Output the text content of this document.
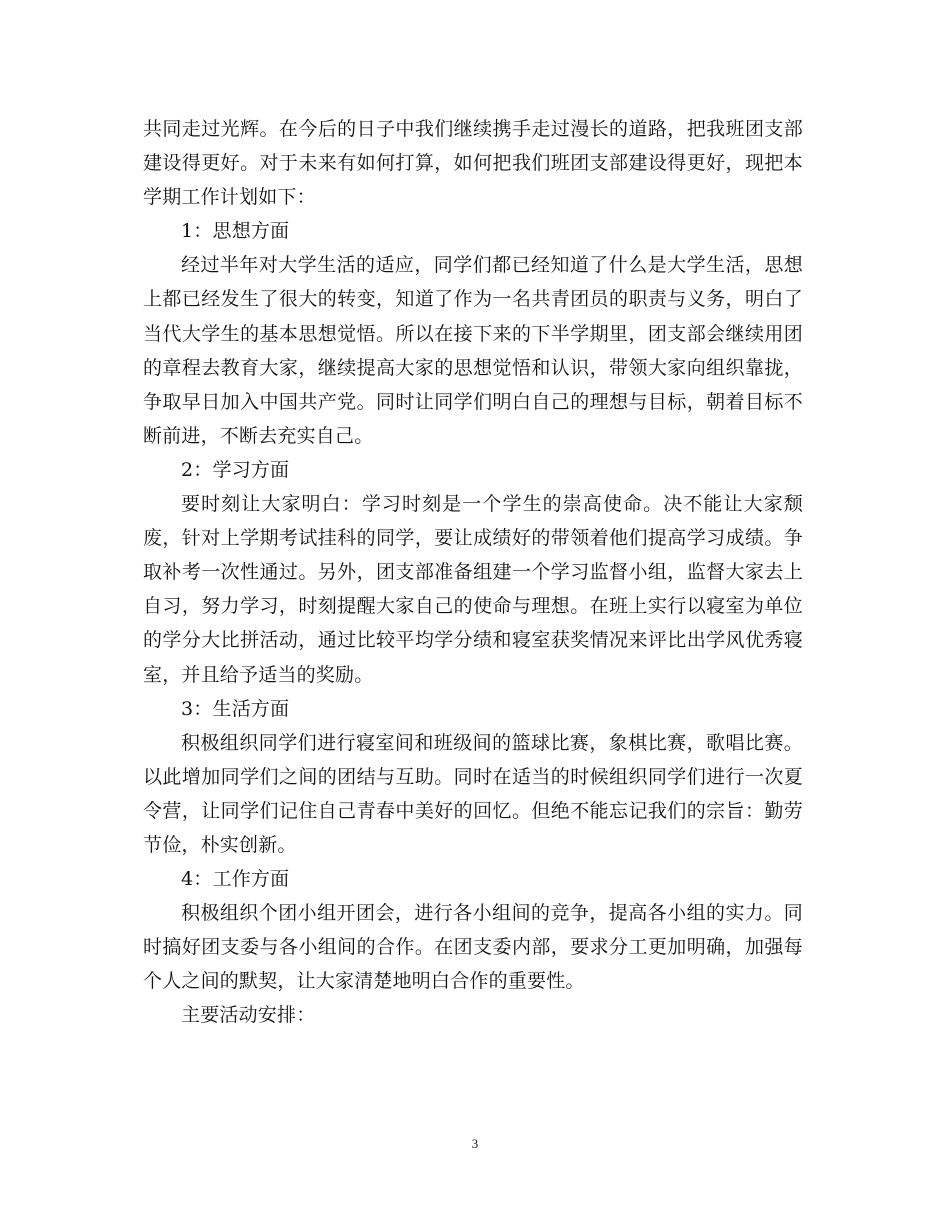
共同走过光辉。在今后的日子中我们继续携手走过漫长的道路，把我班团支部建设得更好。对于未来有如何打算，如何把我们班团支部建设得更好，现把本学期工作计划如下：

1：思想方面

经过半年对大学生活的适应，同学们都已经知道了什么是大学生活，思想上都已经发生了很大的转变，知道了作为一名共青团员的职责与义务，明白了当代大学生的基本思想觉悟。所以在接下来的下半学期里，团支部会继续用团的章程去教育大家，继续提高大家的思想觉悟和认识，带领大家向组织靠拢，争取早日加入中国共产党。同时让同学们明白自己的理想与目标，朝着目标不断前进，不断去充实自己。

2：学习方面

要时刻让大家明白：学习时刻是一个学生的崇高使命。决不能让大家颓废，针对上学期考试挂科的同学，要让成绩好的带领着他们提高学习成绩。争取补考一次性通过。另外，团支部准备组建一个学习监督小组，监督大家去上自习，努力学习，时刻提醒大家自己的使命与理想。在班上实行以寝室为单位的学分大比拼活动，通过比较平均学分绩和寝室获奖情况来评比出学风优秀寝室，并且给予适当的奖励。

3：生活方面

积极组织同学们进行寝室间和班级间的篮球比赛，象棋比赛，歌唱比赛。以此增加同学们之间的团结与互助。同时在适当的时候组织同学们进行一次夏令营，让同学们记住自己青春中美好的回忆。但绝不能忘记我们的宗旨：勤劳节俭，朴实创新。

4：工作方面

积极组织个团小组开团会，进行各小组间的竞争，提高各小组的实力。同时搞好团支委与各小组间的合作。在团支委内部，要求分工更加明确，加强每个人之间的默契，让大家清楚地明白合作的重要性。

主要活动安排：

3
